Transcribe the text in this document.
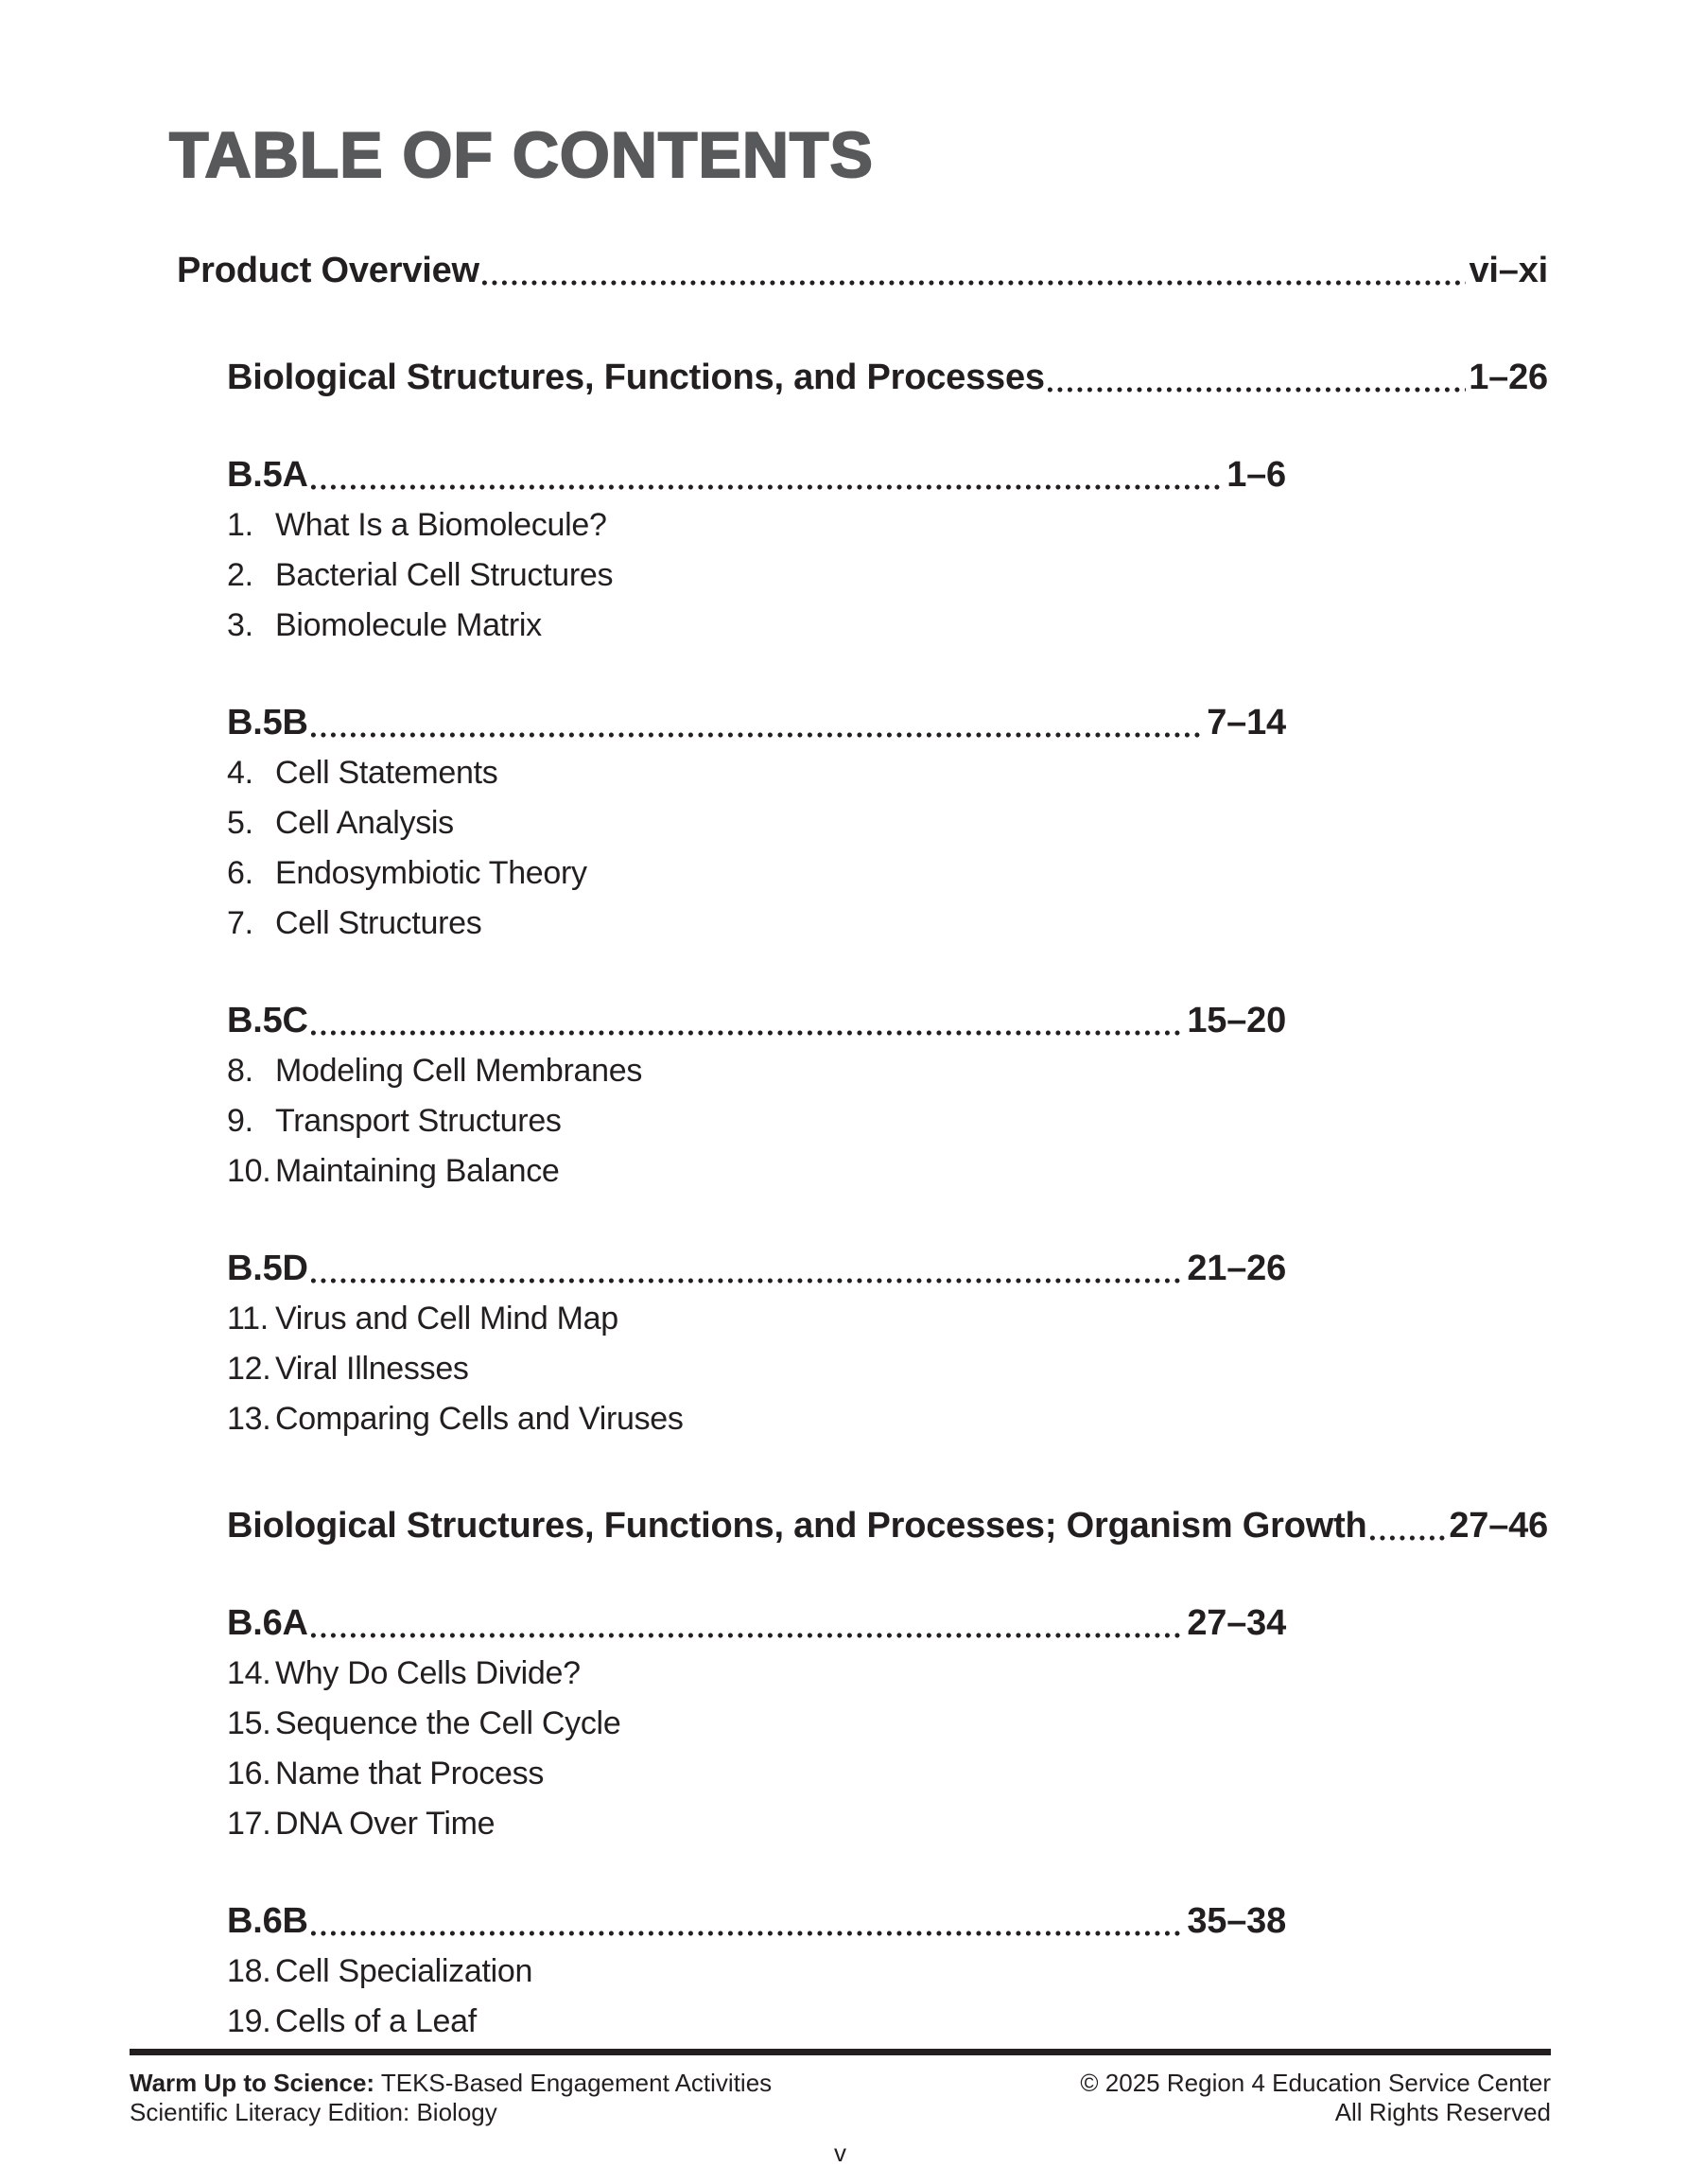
TABLE OF CONTENTS
Product Overview	vi–xi
Biological Structures, Functions, and Processes	1–26
B.5A	1–6
1. What Is a Biomolecule?
2. Bacterial Cell Structures
3. Biomolecule Matrix
B.5B	7–14
4. Cell Statements
5. Cell Analysis
6. Endosymbiotic Theory
7. Cell Structures
B.5C	15–20
8. Modeling Cell Membranes
9. Transport Structures
10. Maintaining Balance
B.5D	21–26
11. Virus and Cell Mind Map
12. Viral Illnesses
13. Comparing Cells and Viruses
Biological Structures, Functions, and Processes; Organism Growth 27–46
B.6A	27–34
14. Why Do Cells Divide?
15. Sequence the Cell Cycle
16. Name that Process
17. DNA Over Time
B.6B	35–38
18. Cell Specialization
19. Cells of a Leaf
Warm Up to Science: TEKS-Based Engagement Activities
Scientific Literacy Edition: Biology
© 2025 Region 4 Education Service Center
All Rights Reserved
v
